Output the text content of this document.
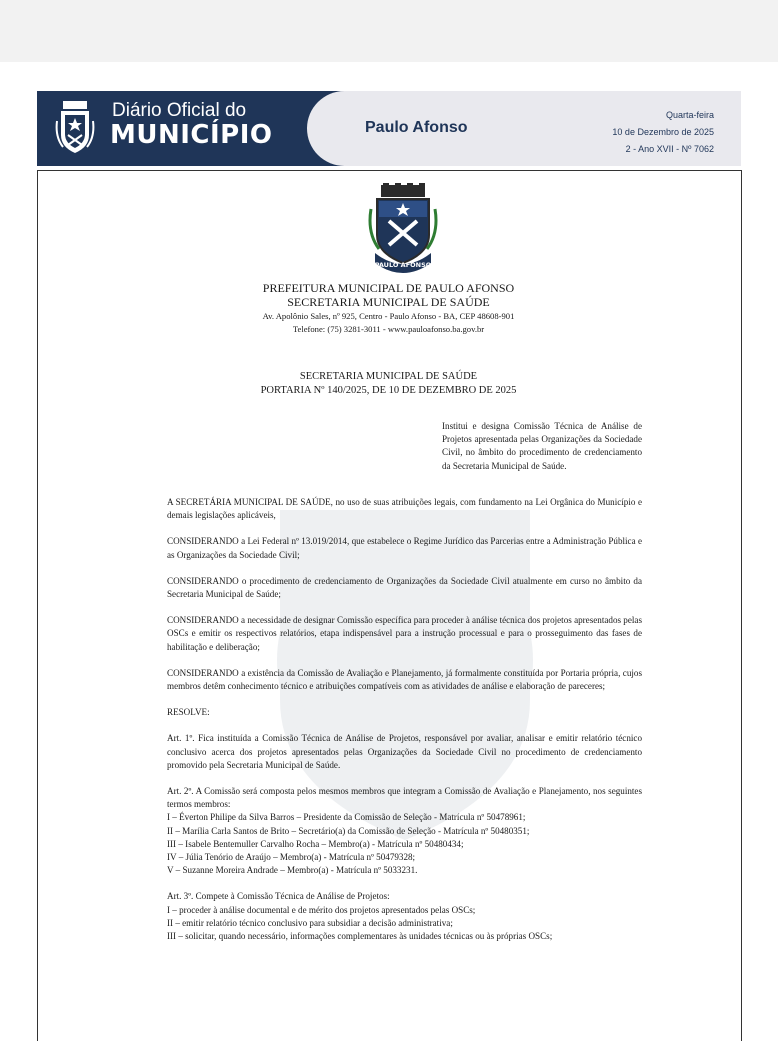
Diário Oficial do
MUNICÍPIO	Paulo Afonso
Quarta-feira
10 de Dezembro de 2025
2 - Ano XVII - Nº 7062
PAULO AFONSO
PREFEITURA MUNICIPAL DE PAULO AFONSO
SECRETARIA MUNICIPAL DE SAÚDE
Av. Apolônio Sales, nº 925, Centro - Paulo Afonso - BA, CEP 48608-901
Telefone: (75) 3281-3011 - www.pauloafonso.ba.gov.br
SECRETARIA MUNICIPAL DE SAÚDE
PORTARIA Nº 140/2025, DE 10 DE DEZEMBRO DE 2025
Institui e designa Comissão Técnica de Análise de Projetos apresentada pelas Organizações da Sociedade Civil, no âmbito do procedimento de credenciamento da Secretaria Municipal de Saúde.

A SECRETÁRIA MUNICIPAL DE SAÚDE, no uso de suas atribuições legais, com fundamento na Lei Orgânica do Município e demais legislações aplicáveis,

CONSIDERANDO a Lei Federal nº 13.019/2014, que estabelece o Regime Jurídico das Parcerias entre a Administração Pública e as Organizações da Sociedade Civil;

CONSIDERANDO o procedimento de credenciamento de Organizações da Sociedade Civil atualmente em curso no âmbito da Secretaria Municipal de Saúde;

CONSIDERANDO a necessidade de designar Comissão específica para proceder à análise técnica dos projetos apresentados pelas OSCs e emitir os respectivos relatórios, etapa indispensável para a instrução processual e para o prosseguimento das fases de habilitação e deliberação;

CONSIDERANDO a existência da Comissão de Avaliação e Planejamento, já formalmente constituída por Portaria própria, cujos membros detêm conhecimento técnico e atribuições compatíveis com as atividades de análise e elaboração de pareceres;

RESOLVE:

Art. 1º. Fica instituída a Comissão Técnica de Análise de Projetos, responsável por avaliar, analisar e emitir relatório técnico conclusivo acerca dos projetos apresentados pelas Organizações da Sociedade Civil no procedimento de credenciamento promovido pela Secretaria Municipal de Saúde.

Art. 2º. A Comissão será composta pelos mesmos membros que integram a Comissão de Avaliação e Planejamento, nos seguintes termos membros:
I – Éverton Philipe da Silva Barros – Presidente da Comissão de Seleção - Matrícula nº 50478961;
II – Marília Carla Santos de Brito – Secretário(a) da Comissão de Seleção - Matrícula nº 50480351;
III – Isabele Bentemuller Carvalho Rocha – Membro(a) - Matrícula nº 50480434;
IV – Júlia Tenório de Araújo – Membro(a) - Matrícula nº 50479328;
V – Suzanne Moreira Andrade – Membro(a) - Matrícula nº 5033231.

Art. 3º. Compete à Comissão Técnica de Análise de Projetos:
I – proceder à análise documental e de mérito dos projetos apresentados pelas OSCs;
II – emitir relatório técnico conclusivo para subsidiar a decisão administrativa;
III – solicitar, quando necessário, informações complementares às unidades técnicas ou às próprias OSCs;
